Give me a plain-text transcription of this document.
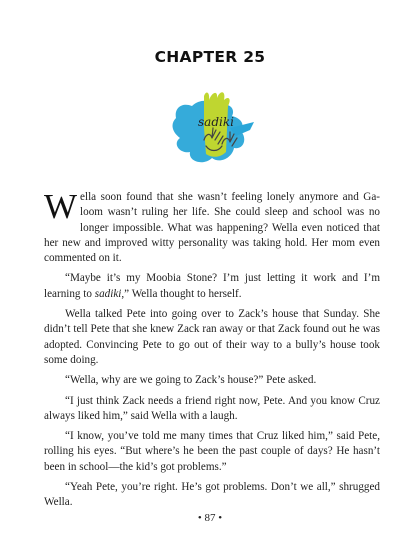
CHAPTER 25
sadiki

Wella soon found that she wasn’t feeling lonely anymore and Ga-loom wasn’t ruling her life. She could sleep and school was no longer impossible. What was happening? Wella even noticed that her new and improved witty personality was taking hold. Her mom even commented on it.

“Maybe it’s my Moobia Stone? I’m just letting it work and I’m learning to sadiki,” Wella thought to herself.

Wella talked Pete into going over to Zack’s house that Sunday. She didn’t tell Pete that she knew Zack ran away or that Zack found out he was adopted. Convincing Pete to go out of their way to a bully’s house took some doing.

“Wella, why are we going to Zack’s house?” Pete asked.

“I just think Zack needs a friend right now, Pete. And you know Cruz always liked him,” said Wella with a laugh.

“I know, you’ve told me many times that Cruz liked him,” said Pete, rolling his eyes. “But where’s he been the past couple of days? He hasn’t been in school—the kid’s got problems.”

“Yeah Pete, you’re right. He’s got problems. Don’t we all,” shrugged Wella.

• 87 •
